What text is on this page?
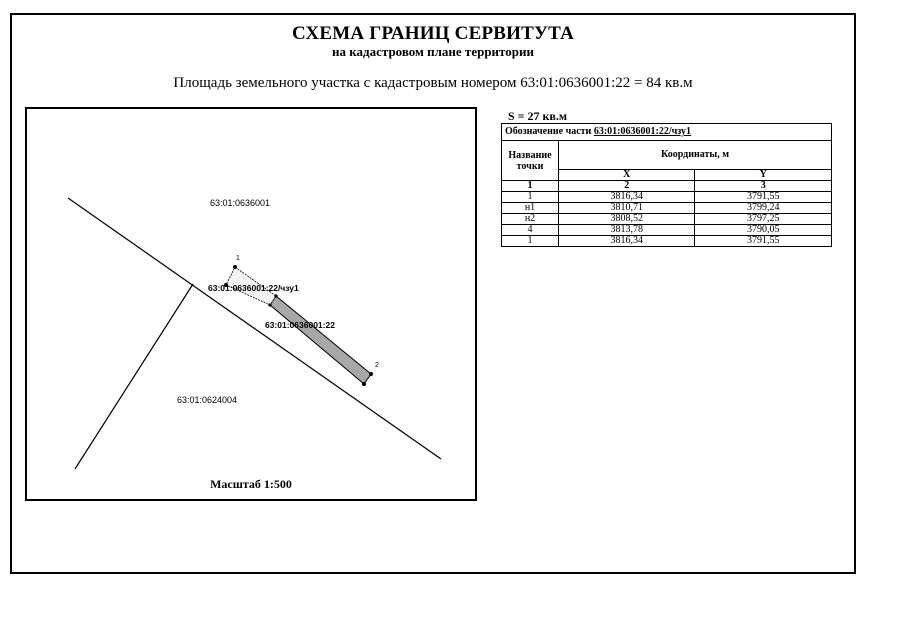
СХЕМА ГРАНИЦ СЕРВИТУТА
на кадастровом плане территории
Площадь земельного участка с кадастровым номером 63:01:0636001:22 = 84 кв.м
63:01:0636001
63:01:0624004
63:01:0636001:22/чзу1
63:01:0636001:22
1
2
Масштаб 1:500
S = 27 кв.м
Обозначение части 63:01:0636001:22/чзу1		
Название точки	Координаты, м	
	X	Y
1	2	3
1	3816,34	3791,55
н1	3810,71	3799,24
н2	3808,52	3797,25
4	3813,78	3790,05
1	3816,34	3791,55
